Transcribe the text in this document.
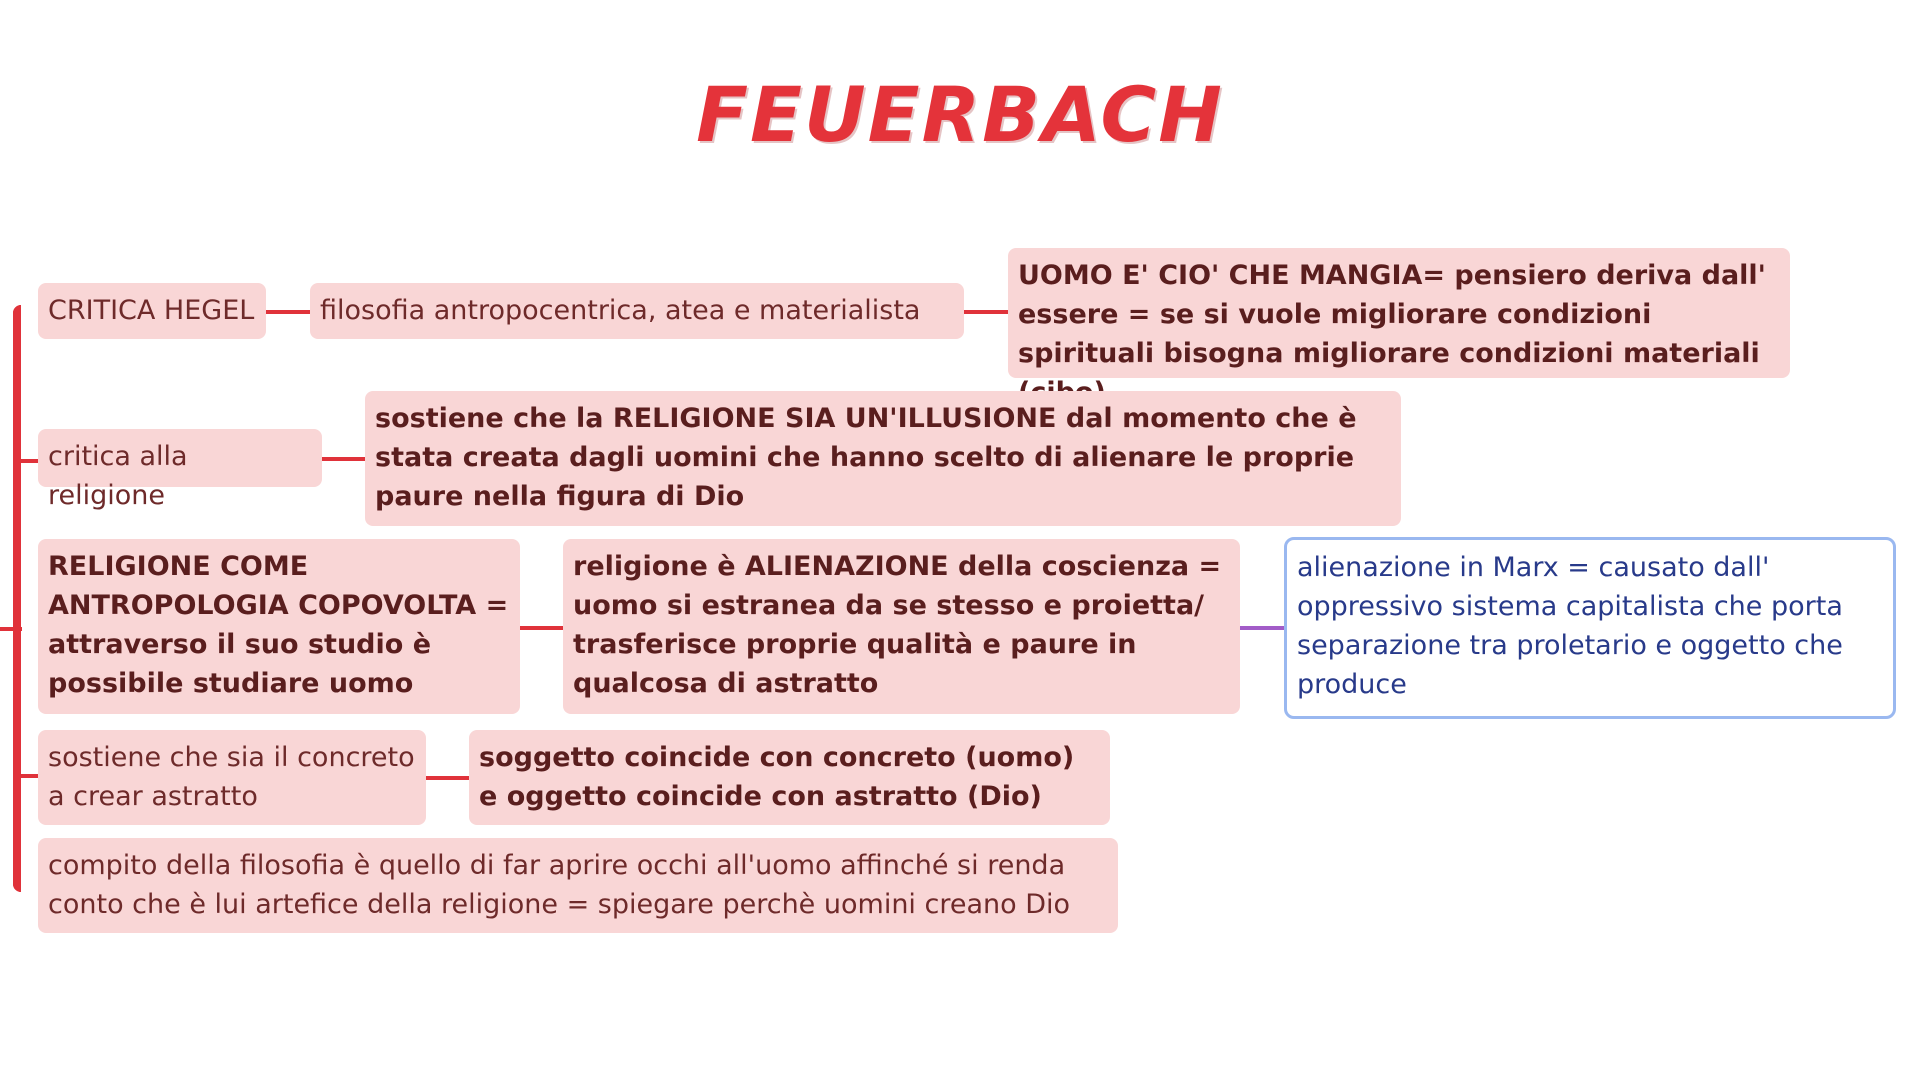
FEUERBACH
CRITICA HEGEL	filosofia antropocentrica, atea e materialista
UOMO E' CIO' CHE MANGIA= pensiero deriva dall' essere = se si vuole migliorare condizioni spirituali bisogna migliorare condizioni materiali
critica alla religione
sostiene che la RELIGIONE SIA UN'ILLUSIONE dal momento che è stata creata dagli uomini che hanno scelto di alienare le proprie paure nella figura di Dio
RELIGIONE COME ANTROPOLOGIA COPOVOLTA = attraverso il suo studio è possibile studiare uomo
religione è ALIENAZIONE della coscienza = uomo si estranea da se stesso e proietta/ trasferisce proprie qualità e paure in qualcosa di astratto
alienazione in Marx = causato dall' oppressivo sistema capitalista che porta separazione tra proletario e oggetto che produce
sostiene che sia il concreto a crear astratto
soggetto coincide con concreto (uomo) e oggetto coincide con astratto (Dio)
compito della filosofia è quello di far aprire occhi all'uomo affinché si renda conto che è lui artefice della religione = spiegare perchè uomini creano Dio
